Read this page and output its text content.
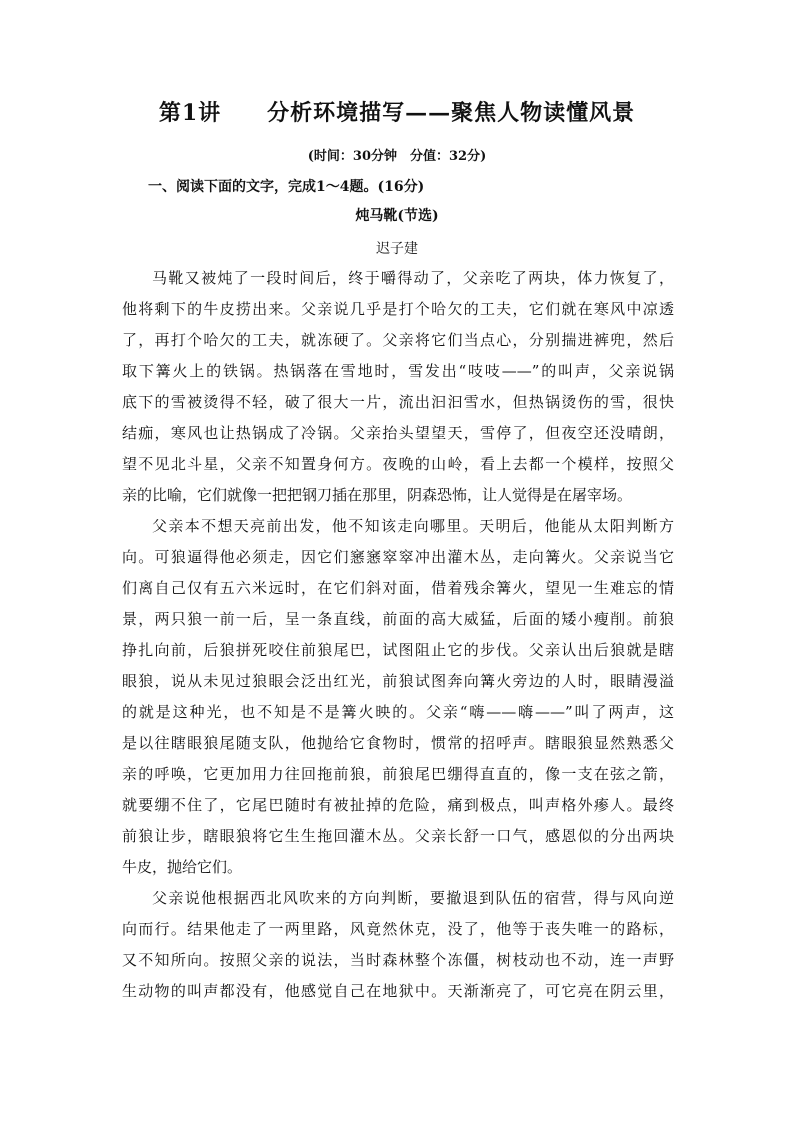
第1讲　　分析环境描写——聚焦人物读懂风景
(时间：30分钟　分值：32分)
一、阅读下面的文字，完成1～4题。(16分)
炖马靴(节选)
迟子建
马靴又被炖了一段时间后，终于嚼得动了，父亲吃了两块，体力恢复了，
他将剩下的牛皮捞出来。父亲说几乎是打个哈欠的工夫，它们就在寒风中凉透
了，再打个哈欠的工夫，就冻硬了。父亲将它们当点心，分别揣进裤兜，然后
取下篝火上的铁锅。热锅落在雪地时，雪发出“吱吱——”的叫声，父亲说锅
底下的雪被烫得不轻，破了很大一片，流出汩汩雪水，但热锅烫伤的雪，很快
结痂，寒风也让热锅成了冷锅。父亲抬头望望天，雪停了，但夜空还没晴朗，
望不见北斗星，父亲不知置身何方。夜晚的山岭，看上去都一个模样，按照父
亲的比喻，它们就像一把把钢刀插在那里，阴森恐怖，让人觉得是在屠宰场。
父亲本不想天亮前出发，他不知该走向哪里。天明后，他能从太阳判断方
向。可狼逼得他必须走，因它们窸窸窣窣冲出灌木丛，走向篝火。父亲说当它
们离自己仅有五六米远时，在它们斜对面，借着残余篝火，望见一生难忘的情
景，两只狼一前一后，呈一条直线，前面的高大威猛，后面的矮小瘦削。前狼
挣扎向前，后狼拼死咬住前狼尾巴，试图阻止它的步伐。父亲认出后狼就是瞎
眼狼，说从未见过狼眼会泛出红光，前狼试图奔向篝火旁边的人时，眼睛漫溢
的就是这种光，也不知是不是篝火映的。父亲“嗨——嗨——”叫了两声，这
是以往瞎眼狼尾随支队，他抛给它食物时，惯常的招呼声。瞎眼狼显然熟悉父
亲的呼唤，它更加用力往回拖前狼，前狼尾巴绷得直直的，像一支在弦之箭，
就要绷不住了，它尾巴随时有被扯掉的危险，痛到极点，叫声格外瘆人。最终
前狼让步，瞎眼狼将它生生拖回灌木丛。父亲长舒一口气，感恩似的分出两块
牛皮，抛给它们。
父亲说他根据西北风吹来的方向判断，要撤退到队伍的宿营，得与风向逆
向而行。结果他走了一两里路，风竟然休克，没了，他等于丧失唯一的路标，
又不知所向。按照父亲的说法，当时森林整个冻僵，树枝动也不动，连一声野
生动物的叫声都没有，他感觉自己在地狱中。天渐渐亮了，可它亮在阴云里，
